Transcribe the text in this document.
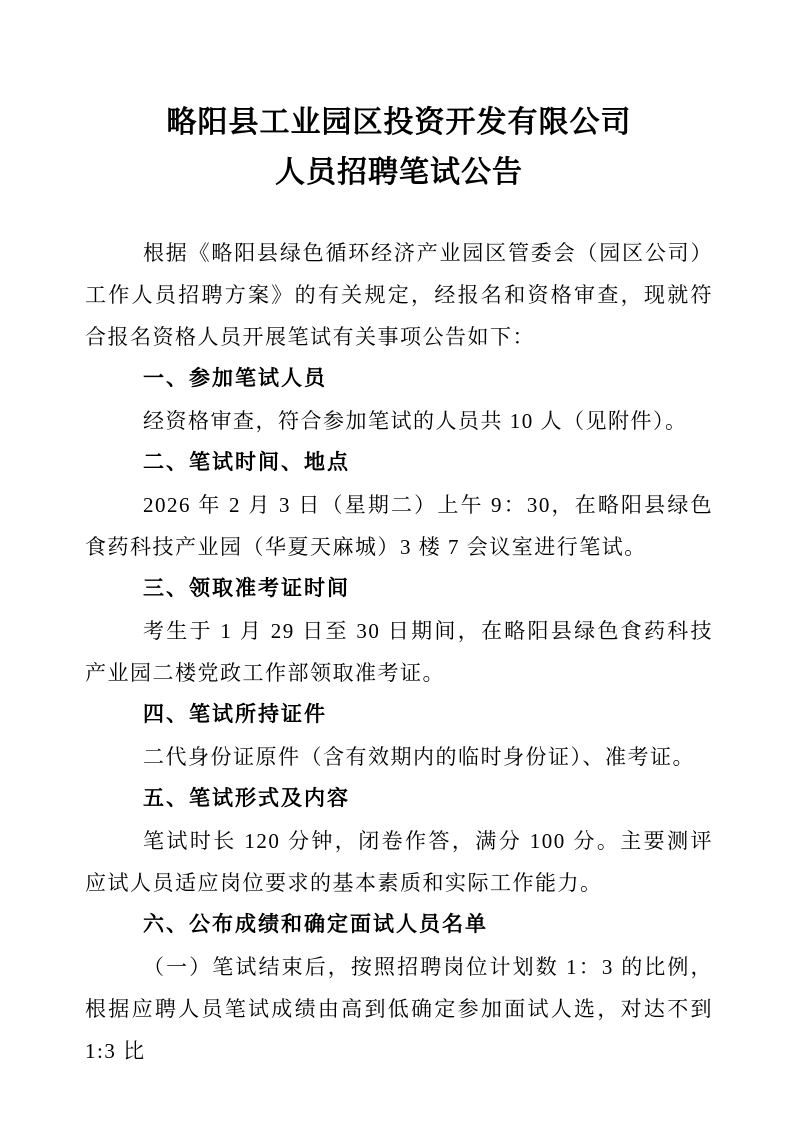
略阳县工业园区投资开发有限公司
人员招聘笔试公告

根据《略阳县绿色循环经济产业园区管委会（园区公司）工作人员招聘方案》的有关规定，经报名和资格审查，现就符合报名资格人员开展笔试有关事项公告如下：

一、参加笔试人员

经资格审查，符合参加笔试的人员共 10 人（见附件）。

二、笔试时间、地点

2026 年 2 月 3 日（星期二）上午 9：30，在略阳县绿色食药科技产业园（华夏天麻城）3 楼 7 会议室进行笔试。

三、领取准考证时间

考生于 1 月 29 日至 30 日期间，在略阳县绿色食药科技产业园二楼党政工作部领取准考证。

四、笔试所持证件

二代身份证原件（含有效期内的临时身份证）、准考证。

五、笔试形式及内容

笔试时长 120 分钟，闭卷作答，满分 100 分。主要测评应试人员适应岗位要求的基本素质和实际工作能力。

六、公布成绩和确定面试人员名单

（一）笔试结束后，按照招聘岗位计划数 1：3 的比例，根据应聘人员笔试成绩由高到低确定参加面试人选，对达不到 1:3 比
